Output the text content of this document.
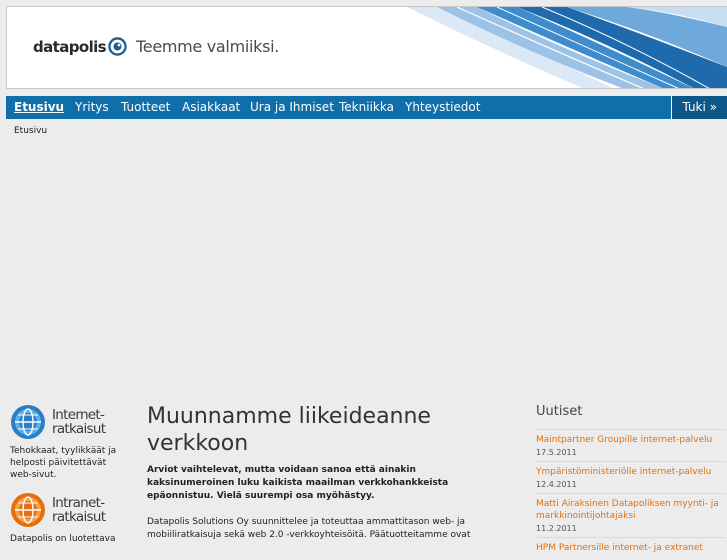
datapolis Teemme valmiiksi.
Etusivu Yritys	Tuotteet Asiakkaat Ura ja Ihmiset Tekniikka Yhteystiedot	Tuki »
Etusivu
Internet-
ratkaisut
Tehokkaat, tyylikkäät ja helposti päivitettävät web-sivut.
Intranet-
ratkaisut
Datapolis on luotettava
Muunnamme liikeideanne verkkoon
Arviot vaihtelevat, mutta voidaan sanoa että ainakin kaksinumeroinen luku kaikista maailman verkkohankkeista epäonnistuu. Vielä suurempi osa myöhästyy.
Datapolis Solutions Oy suunnittelee ja toteuttaa ammattitason web- ja mobiiliratkaisuja sekä web 2.0 -verkkoyhteisöitä. Päätuotteitamme ovat
Uutiset
Maintpartner Groupille internet-palvelu
17.5.2011
Ympäristöministeriölle internet-palvelu
12.4.2011
Matti Airaksinen Datapoliksen myynti- ja markkinointijohtajaksi
11.2.2011
HPM Partnersille internet- ja extranet
